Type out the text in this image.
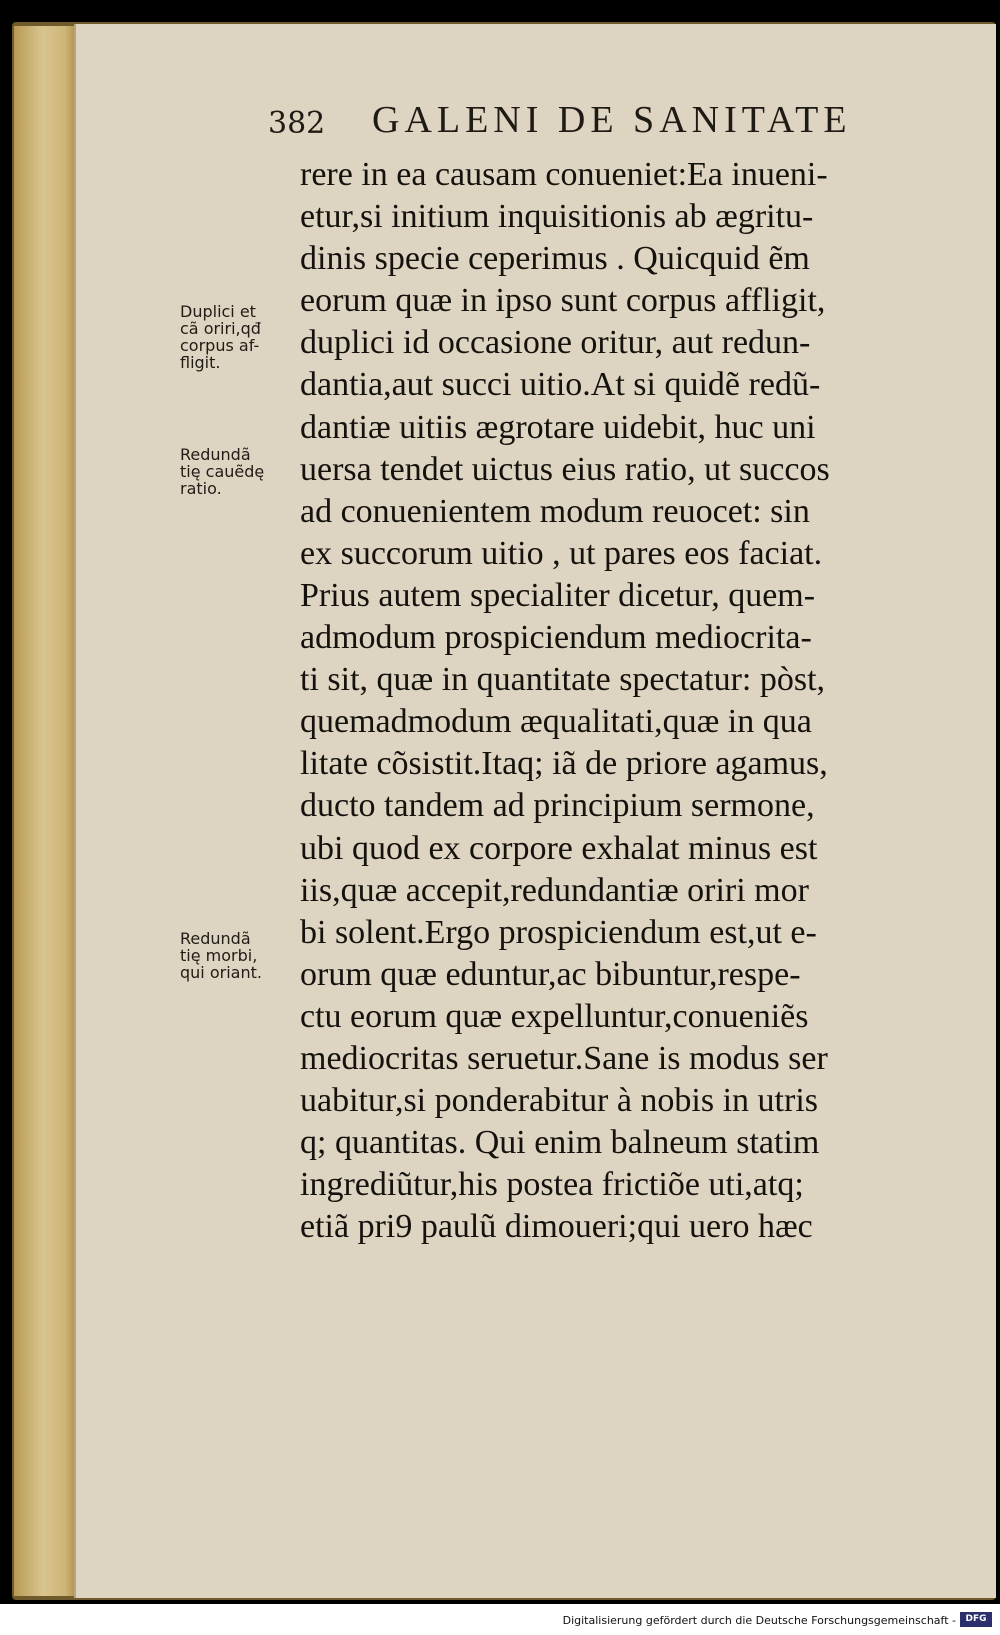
382 GALENI DE SANITATE
Duplici et
cã oriri,qđ
corpus af-
fligit.
Redundã
tię cauẽdę
ratio.
Redundã
tię morbi,
qui oriant.
rere in ea causam conueniet:Ea inueni-
etur,si initium inquisitionis ab ægritu-
dinis specie ceperimus . Quicquid ẽm
eorum quæ in ipso sunt corpus affligit,
duplici id occasione oritur, aut redun-
dantia,aut succi uitio.At si quidẽ redũ-
dantiæ uitiis ægrotare uidebit, huc uni
uersa tendet uictus eius ratio, ut succos
ad conuenientem modum reuocet: sin
ex succorum uitio , ut pares eos faciat.
Prius autem specialiter dicetur, quem-
admodum prospiciendum mediocrita-
ti sit, quæ in quantitate spectatur: pòst,
quemadmodum æqualitati,quæ in qua
litate cõsistit.Itaq; iã de priore agamus,
ducto tandem ad principium sermone,
ubi quod ex corpore exhalat minus est
iis,quæ accepit,redundantiæ oriri mor
bi solent.Ergo prospiciendum est,ut e-
orum quæ eduntur,ac bibuntur,respe-
ctu eorum quæ expelluntur,conueniẽs
mediocritas seruetur.Sane is modus ser
uabitur,si ponderabitur à nobis in utris
q; quantitas. Qui enim balneum statim
ingrediũtur,his postea frictiõe uti,atq;
etiã pri9 paulũ dimoueri;qui uero hæc
Digitalisierung gefördert durch die Deutsche Forschungsgemeinschaft -	DFG
